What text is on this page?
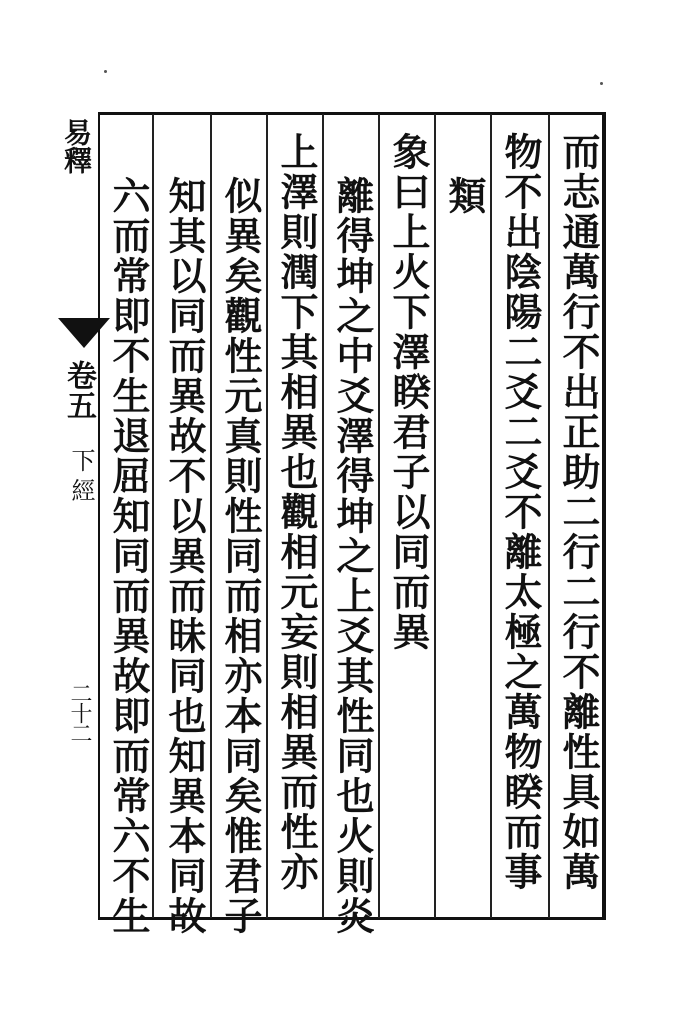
而志通萬行不出正助二行二行不離性具如萬
物不出陰陽二爻二爻不離太極之萬物睽而事
類
象曰上火下澤睽君子以同而異
離得坤之中爻澤得坤之上爻其性同也火則炎
上澤則潤下其相異也觀相元妄則相異而性亦
似異矣觀性元真則性同而相亦本同矣惟君子
知其以同而異故不以異而昧同也知異本同故
六而常即不生退屈知同而異故即而常六不生
易釋
卷五
下經
二十二
